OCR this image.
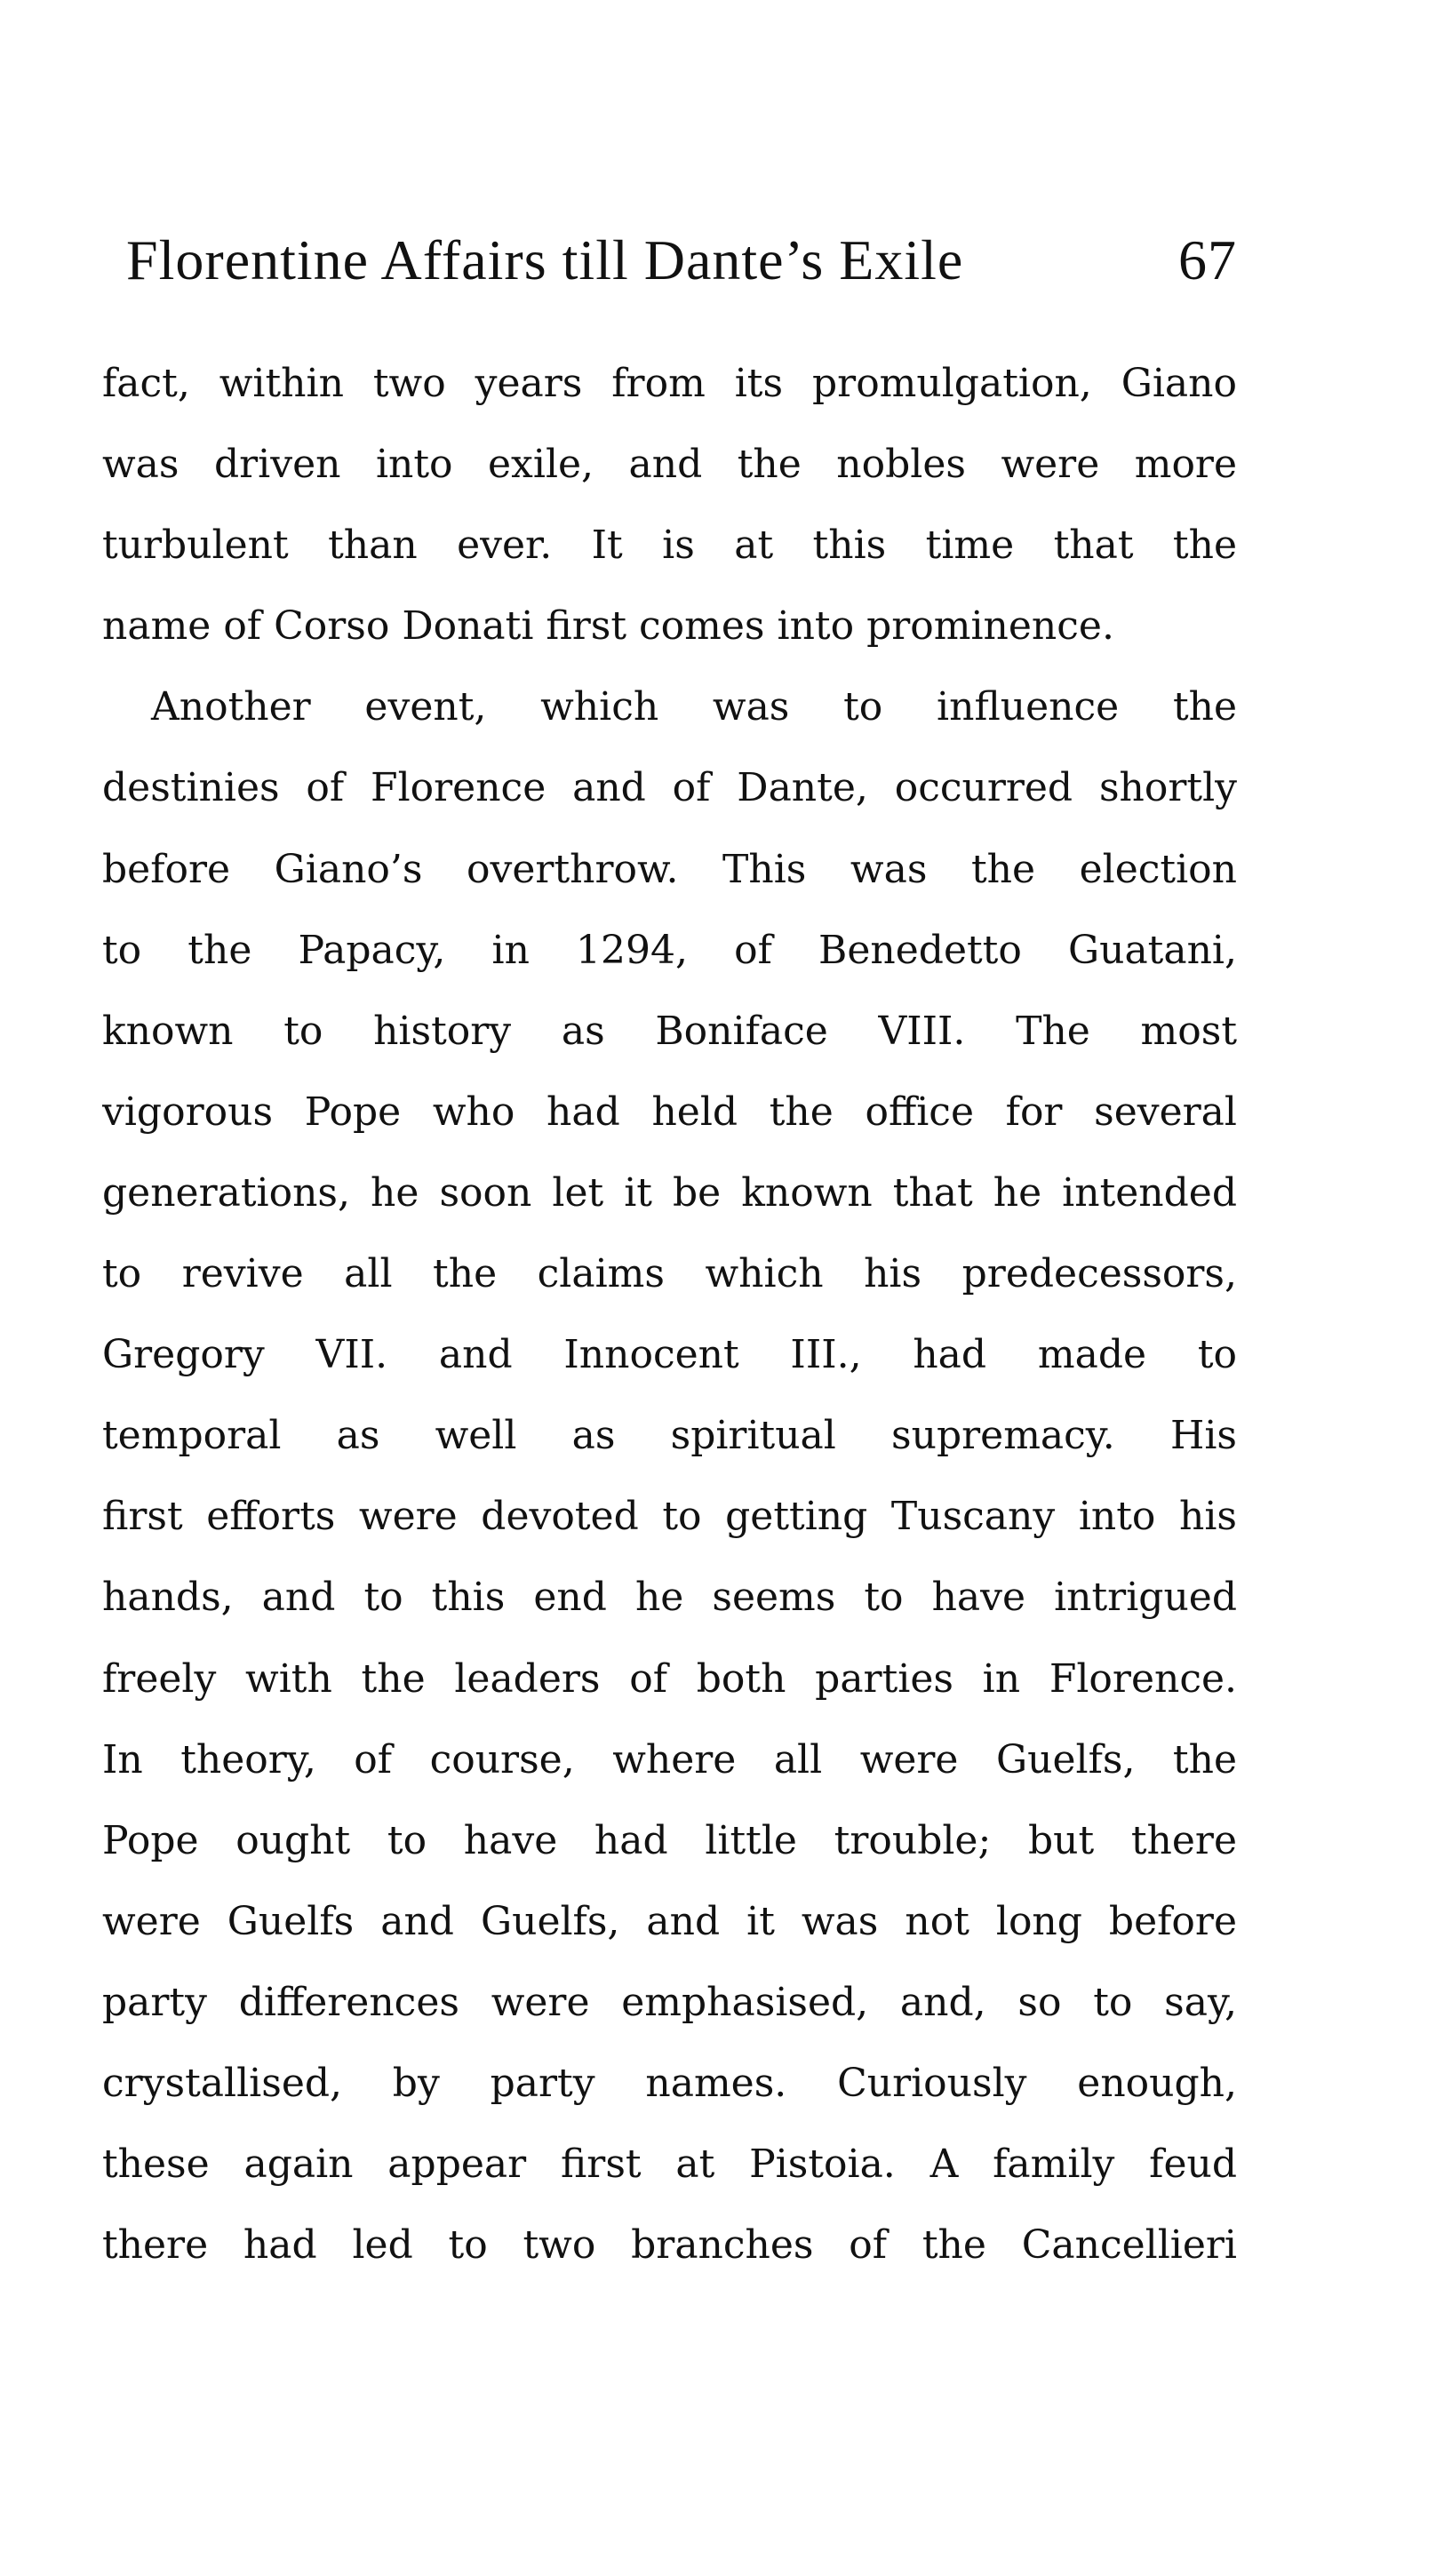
Florentine Affairs till Dante’s Exile	67
fact, within two years from its promulgation, Giano
was driven into exile, and the nobles were more
turbulent than ever. It is at this time that the
name of Corso Donati first comes into prominence.
Another event, which was to influence the
destinies of Florence and of Dante, occurred shortly
before Giano’s overthrow. This was the election
to the Papacy, in 1294, of Benedetto Guatani,
known to history as Boniface VIII. The most
vigorous Pope who had held the office for several
generations, he soon let it be known that he intended
to revive all the claims which his predecessors,
Gregory VII. and Innocent III., had made to
temporal as well as spiritual supremacy. His
first efforts were devoted to getting Tuscany into his
hands, and to this end he seems to have intrigued
freely with the leaders of both parties in Florence.
In theory, of course, where all were Guelfs, the
Pope ought to have had little trouble; but there
were Guelfs and Guelfs, and it was not long before
party differences were emphasised, and, so to say,
crystallised, by party names. Curiously enough,
these again appear first at Pistoia. A family feud
there had led to two branches of the Cancellieri
